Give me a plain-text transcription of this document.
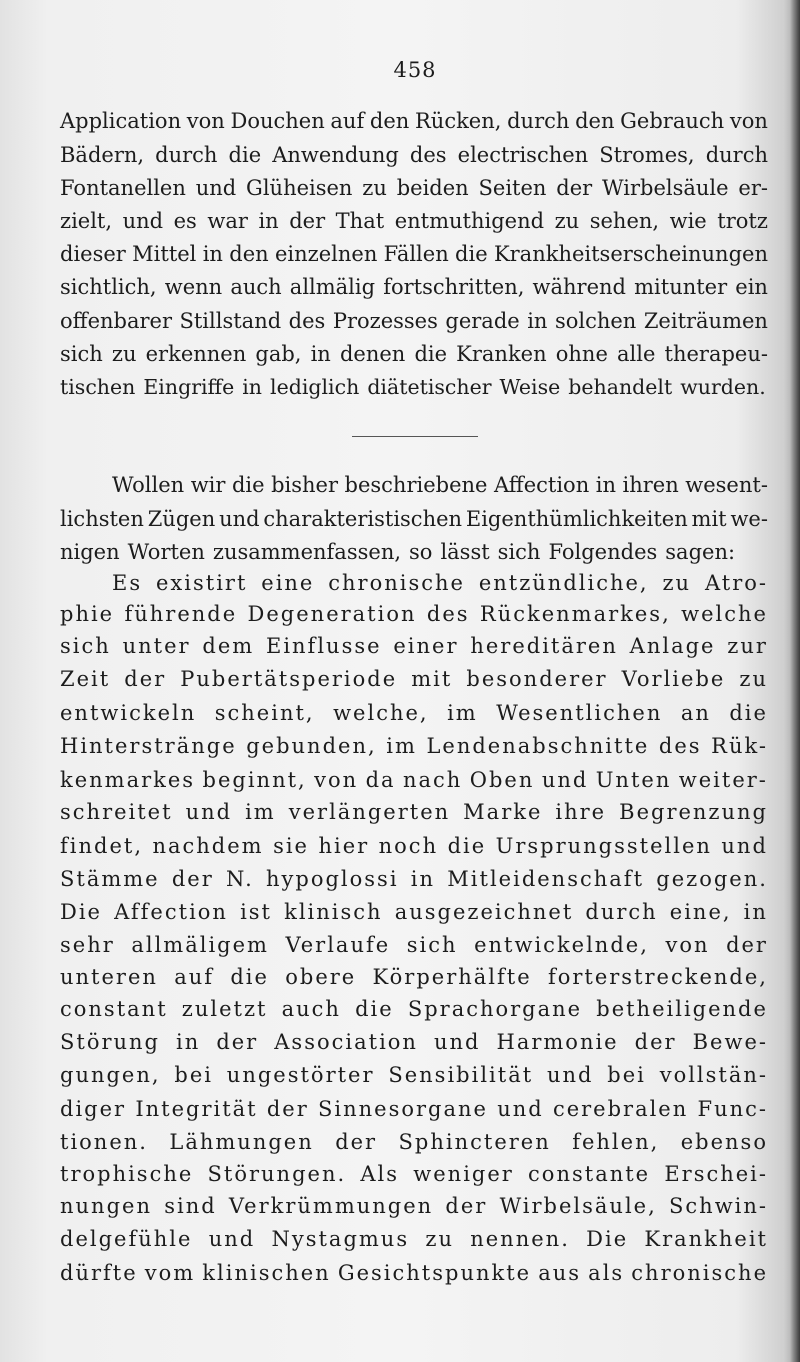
458
Application von Douchen auf den Rücken, durch den Gebrauch von
Bädern, durch die Anwendung des electrischen Stromes, durch
Fontanellen und Glüheisen zu beiden Seiten der Wirbelsäule er-
zielt, und es war in der That entmuthigend zu sehen, wie trotz
dieser Mittel in den einzelnen Fällen die Krankheitserscheinungen
sichtlich, wenn auch allmälig fortschritten, während mitunter ein
offenbarer Stillstand des Prozesses gerade in solchen Zeiträumen
sich zu erkennen gab, in denen die Kranken ohne alle therapeu-
tischen Eingriffe in lediglich diätetischer Weise behandelt wurden.
Wollen wir die bisher beschriebene Affection in ihren wesent-
lichsten Zügen und charakteristischen Eigenthümlichkeiten mit we-
nigen Worten zusammenfassen, so lässt sich Folgendes sagen:
Es existirt eine chronische entzündliche, zu Atro-
phie führende Degeneration des Rückenmarkes, welche
sich unter dem Einflusse einer hereditären Anlage zur
Zeit der Pubertätsperiode mit besonderer Vorliebe zu
entwickeln scheint, welche, im Wesentlichen an die
Hinterstränge gebunden, im Lendenabschnitte des Rük-
kenmarkes beginnt, von da nach Oben und Unten weiter-
schreitet und im verlängerten Marke ihre Begrenzung
findet, nachdem sie hier noch die Ursprungsstellen und
Stämme der N. hypoglossi in Mitleidenschaft gezogen.
Die Affection ist klinisch ausgezeichnet durch eine, in
sehr allmäligem Verlaufe sich entwickelnde, von der
unteren auf die obere Körperhälfte forterstreckende,
constant zuletzt auch die Sprachorgane betheiligende
Störung in der Association und Harmonie der Bewe-
gungen, bei ungestörter Sensibilität und bei vollstän-
diger Integrität der Sinnesorgane und cerebralen Func-
tionen. Lähmungen der Sphincteren fehlen, ebenso
trophische Störungen. Als weniger constante Erschei-
nungen sind Verkrümmungen der Wirbelsäule, Schwin-
delgefühle und Nystagmus zu nennen. Die Krankheit
dürfte vom klinischen Gesichtspunkte aus als chronische
